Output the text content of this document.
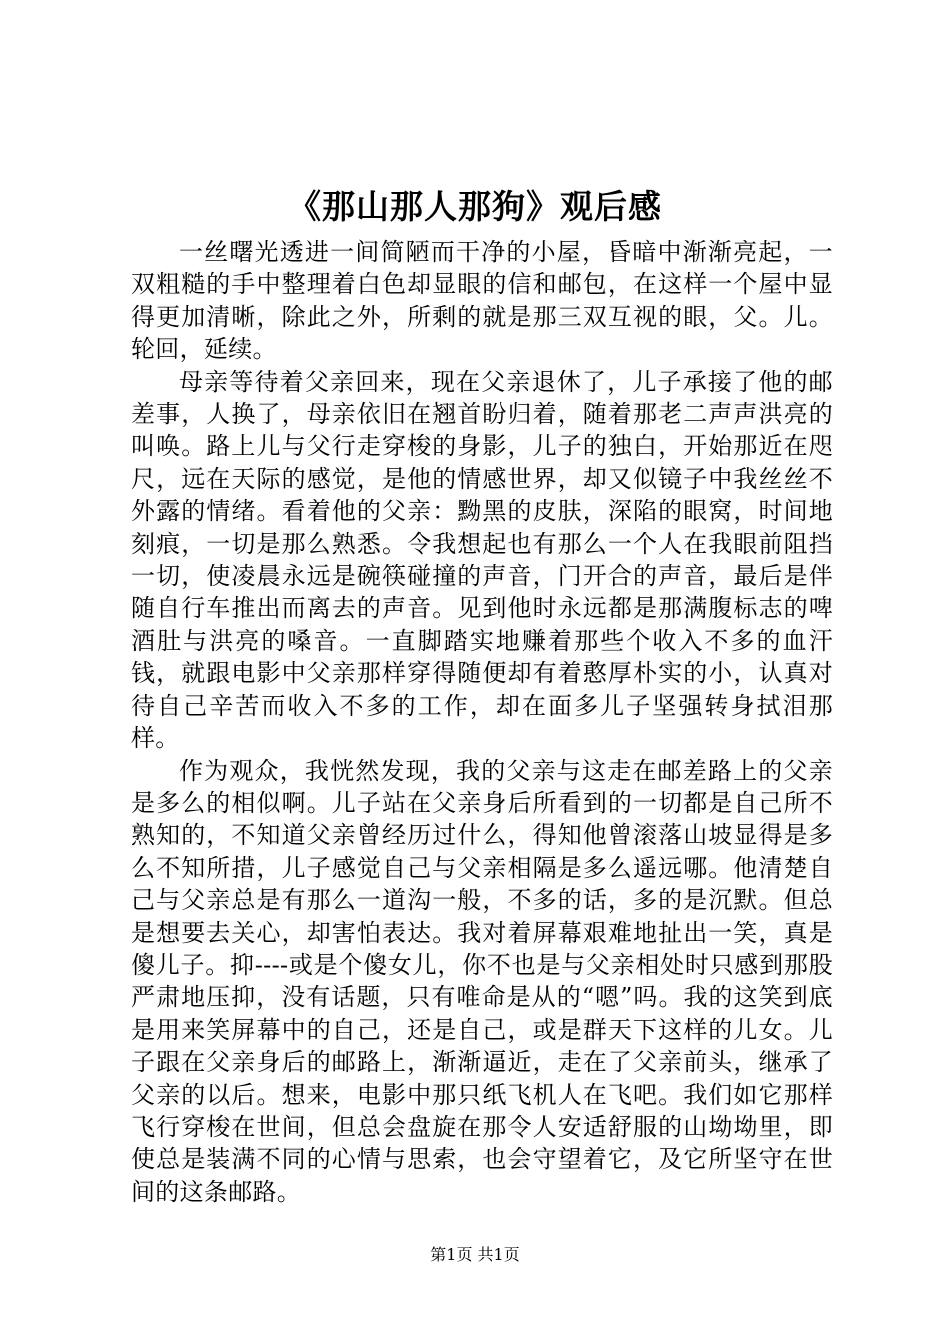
《那山那人那狗》观后感

一丝曙光透进一间简陋而干净的小屋，昏暗中渐渐亮起，一双粗糙的手中整理着白色却显眼的信和邮包，在这样一个屋中显得更加清晰，除此之外，所剩的就是那三双互视的眼，父。儿。轮回，延续。

母亲等待着父亲回来，现在父亲退休了，儿子承接了他的邮差事，人换了，母亲依旧在翘首盼归着，随着那老二声声洪亮的叫唤。路上儿与父行走穿梭的身影，儿子的独白，开始那近在咫尺，远在天际的感觉，是他的情感世界，却又似镜子中我丝丝不外露的情绪。看着他的父亲：黝黑的皮肤，深陷的眼窝，时间地刻痕，一切是那么熟悉。令我想起也有那么一个人在我眼前阻挡一切，使凌晨永远是碗筷碰撞的声音，门开合的声音，最后是伴随自行车推出而离去的声音。见到他时永远都是那满腹标志的啤酒肚与洪亮的嗓音。一直脚踏实地赚着那些个收入不多的血汗钱，就跟电影中父亲那样穿得随便却有着憨厚朴实的小，认真对待自己辛苦而收入不多的工作，却在面多儿子坚强转身拭泪那样。

作为观众，我恍然发现，我的父亲与这走在邮差路上的父亲是多么的相似啊。儿子站在父亲身后所看到的一切都是自己所不熟知的，不知道父亲曾经历过什么，得知他曾滚落山坡显得是多么不知所措，儿子感觉自己与父亲相隔是多么遥远哪。他清楚自己与父亲总是有那么一道沟一般，不多的话，多的是沉默。但总是想要去关心，却害怕表达。我对着屏幕艰难地扯出一笑，真是傻儿子。抑----或是个傻女儿，你不也是与父亲相处时只感到那股严肃地压抑，没有话题，只有唯命是从的“嗯”吗。我的这笑到底是用来笑屏幕中的自己，还是自己，或是群天下这样的儿女。儿子跟在父亲身后的邮路上，渐渐逼近，走在了父亲前头，继承了父亲的以后。想来，电影中那只纸飞机人在飞吧。我们如它那样飞行穿梭在世间，但总会盘旋在那令人安适舒服的山坳坳里，即使总是装满不同的心情与思索，也会守望着它，及它所坚守在世间的这条邮路。

第1页 共1页
